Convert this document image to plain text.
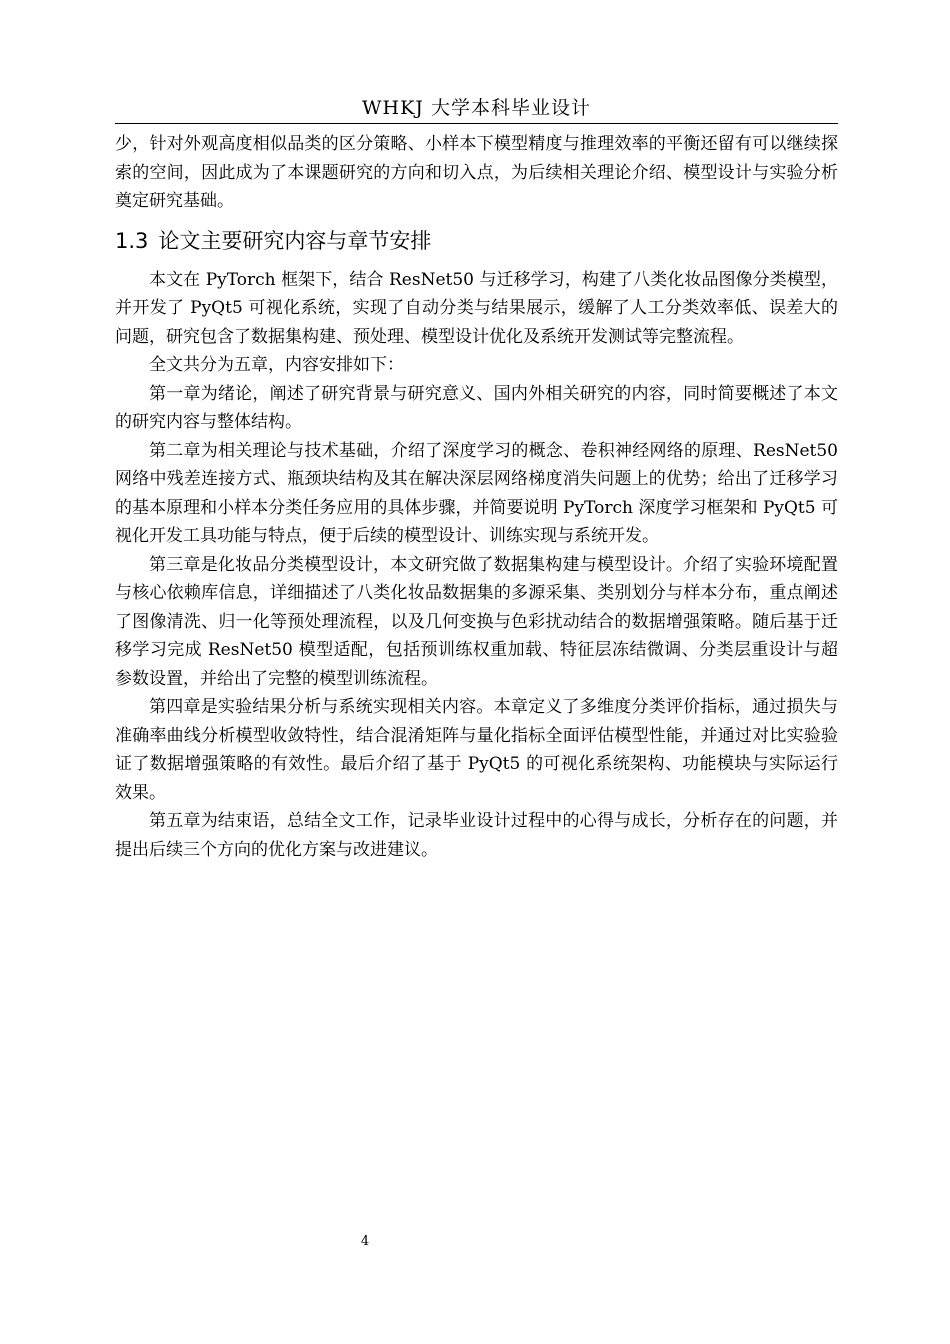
WHKJ 大学本科毕业设计

少，针对外观高度相似品类的区分策略、小样本下模型精度与推理效率的平衡还留有可以继续探索的空间，因此成为了本课题研究的方向和切入点，为后续相关理论介绍、模型设计与实验分析奠定研究基础。

1.3 论文主要研究内容与章节安排

本文在 PyTorch 框架下，结合 ResNet50 与迁移学习，构建了八类化妆品图像分类模型，并开发了 PyQt5 可视化系统，实现了自动分类与结果展示，缓解了人工分类效率低、误差大的问题，研究包含了数据集构建、预处理、模型设计优化及系统开发测试等完整流程。

全文共分为五章，内容安排如下：

第一章为绪论，阐述了研究背景与研究意义、国内外相关研究的内容，同时简要概述了本文的研究内容与整体结构。

第二章为相关理论与技术基础，介绍了深度学习的概念、卷积神经网络的原理、ResNet50 网络中残差连接方式、瓶颈块结构及其在解决深层网络梯度消失问题上的优势；给出了迁移学习的基本原理和小样本分类任务应用的具体步骤，并简要说明 PyTorch 深度学习框架和 PyQt5 可视化开发工具功能与特点，便于后续的模型设计、训练实现与系统开发。

第三章是化妆品分类模型设计，本文研究做了数据集构建与模型设计。介绍了实验环境配置与核心依赖库信息，详细描述了八类化妆品数据集的多源采集、类别划分与样本分布，重点阐述了图像清洗、归一化等预处理流程，以及几何变换与色彩扰动结合的数据增强策略。随后基于迁移学习完成 ResNet50 模型适配，包括预训练权重加载、特征层冻结微调、分类层重设计与超参数设置，并给出了完整的模型训练流程。

第四章是实验结果分析与系统实现相关内容。本章定义了多维度分类评价指标，通过损失与准确率曲线分析模型收敛特性，结合混淆矩阵与量化指标全面评估模型性能，并通过对比实验验证了数据增强策略的有效性。最后介绍了基于 PyQt5 的可视化系统架构、功能模块与实际运行效果。

第五章为结束语，总结全文工作，记录毕业设计过程中的心得与成长，分析存在的问题，并提出后续三个方向的优化方案与改进建议。

4
